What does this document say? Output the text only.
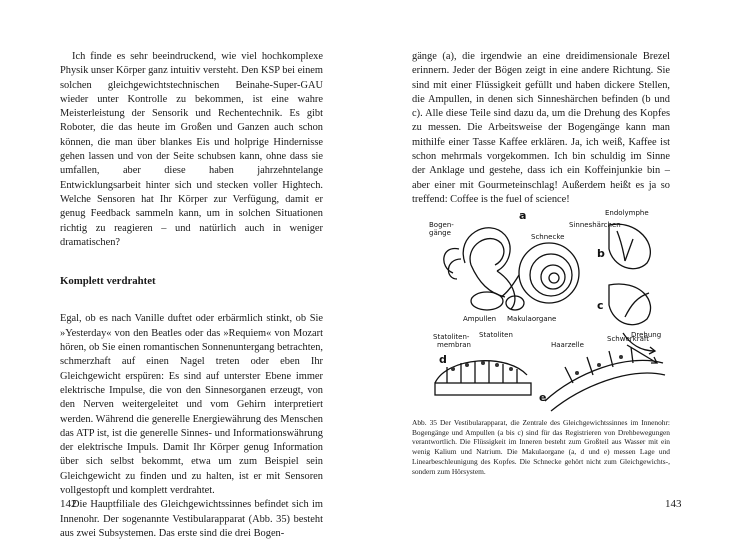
Ich finde es sehr beeindruckend, wie viel hochkomplexe Physik unser Körper ganz intuitiv versteht. Den KSP bei einem solchen gleichgewichtstechnischen Beinahe-Super-GAU wieder unter Kontrolle zu bekommen, ist eine wahre Meisterleistung der Sensorik und Rechentechnik. Es gibt Roboter, die das heute im Großen und Ganzen auch schon können, die man über blankes Eis und holprige Hindernisse gehen lassen und von der Seite schubsen kann, ohne dass sie umfallen, aber diese haben jahrzehntelange Entwicklungsarbeit hinter sich und stecken voller Hightech. Welche Sensoren hat Ihr Körper zur Verfügung, damit er genug Feedback sammeln kann, um in solchen Situationen richtig zu reagieren – und natürlich auch in weniger dramatischen?

Komplett verdrahtet

Egal, ob es nach Vanille duftet oder erbärmlich stinkt, ob Sie »Yesterday« von den Beatles oder das »Requiem« von Mozart hören, ob Sie einen romantischen Sonnenuntergang betrachten, schmerzhaft auf einen Nagel treten oder eben Ihr Gleichgewicht erspüren: Es sind auf unterster Ebene immer elektrische Impulse, die von den Sinnesorganen erzeugt, von den Nerven weitergeleitet und vom Gehirn interpretiert werden. Während die generelle Energiewährung des Menschen das ATP ist, ist die generelle Sinnes- und Informationswährung der elektrische Impuls. Damit Ihr Körper genug Information über sich selbst bekommt, etwa um zum Beispiel sein Gleichgewicht zu finden und zu halten, ist er mit Sensoren vollgestopft und komplett verdrahtet.

Die Hauptfiliale des Gleichgewichtssinnes befindet sich im Innenohr. Der sogenannte Vestibularapparat (Abb. 35) besteht aus zwei Subsystemen. Das erste sind die drei Bogen-

142

gänge (a), die irgendwie an eine dreidimensionale Brezel erinnern. Jeder der Bögen zeigt in eine andere Richtung. Sie sind mit einer Flüssigkeit gefüllt und haben dickere Stellen, die Ampullen, in denen sich Sinneshärchen befinden (b und c). Alle diese Teile sind dazu da, um die Drehung des Kopfes zu messen. Die Arbeitsweise der Bogengänge kann man mithilfe einer Tasse Kaffee erklären. Ja, ich weiß, Kaffee ist schon mehrmals vorgekommen. Ich bin schuldig im Sinne der Anklage und gestehe, dass ich ein Koffeinjunkie bin – aber einer mit Gourmeteinschlag! Außerdem heißt es ja so treffend: Coffee is the fuel of science!

a
b
c
d
e
Bogen-
gänge
Endolymphe
Sinneshärchen
Schnecke
Ampullen Makulaorgane
Drehung
Statoliten-
membran
Statoliten
Haarzelle
Schwerkraft
Abb. 35 Der Vestibularapparat, die Zentrale des Gleichgewichtssinnes im Innenohr: Bogengänge und Ampullen (a bis c) sind für das Registrieren von Drehbewegungen verantwortlich. Die Flüssigkeit im Inneren besteht zum Großteil aus Wasser mit ein wenig Kalium und Natrium. Die Makulaorgane (a, d und e) messen Lage und Linearbeschleunigung des Kopfes. Die Schnecke gehört nicht zum Gleichgewichts-, sondern zum Hörsystem.
143
